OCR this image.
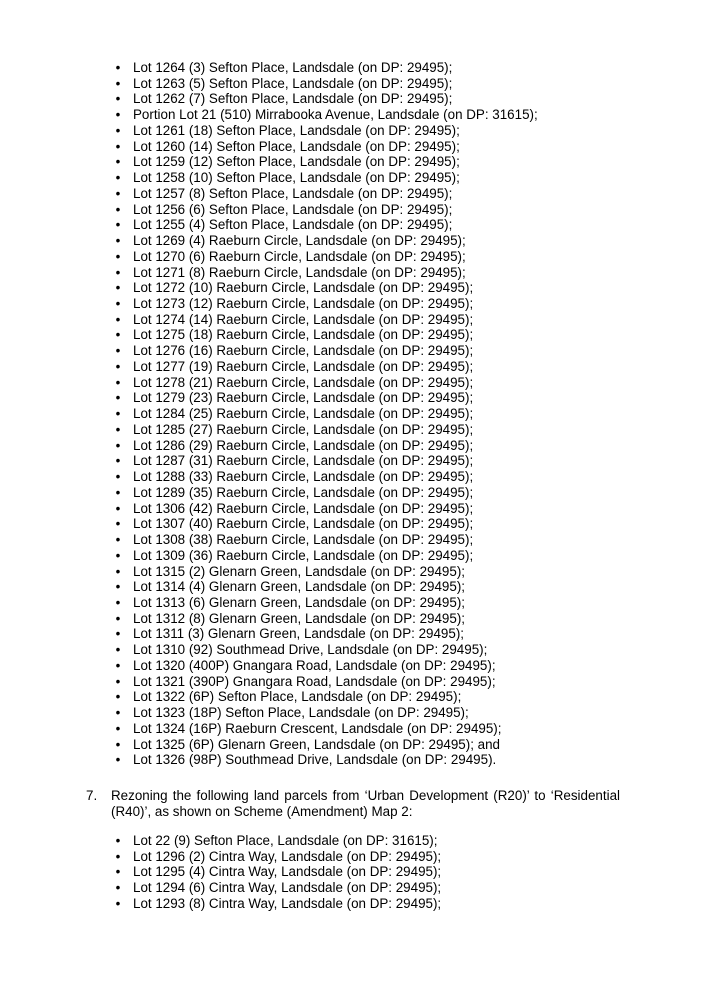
• Lot 1264 (3) Sefton Place, Landsdale (on DP: 29495);
• Lot 1263 (5) Sefton Place, Landsdale (on DP: 29495);
• Lot 1262 (7) Sefton Place, Landsdale (on DP: 29495);
• Portion Lot 21 (510) Mirrabooka Avenue, Landsdale (on DP: 31615);
• Lot 1261 (18) Sefton Place, Landsdale (on DP: 29495);
• Lot 1260 (14) Sefton Place, Landsdale (on DP: 29495);
• Lot 1259 (12) Sefton Place, Landsdale (on DP: 29495);
• Lot 1258 (10) Sefton Place, Landsdale (on DP: 29495);
• Lot 1257 (8) Sefton Place, Landsdale (on DP: 29495);
• Lot 1256 (6) Sefton Place, Landsdale (on DP: 29495);
• Lot 1255 (4) Sefton Place, Landsdale (on DP: 29495);
• Lot 1269 (4) Raeburn Circle, Landsdale (on DP: 29495);
• Lot 1270 (6) Raeburn Circle, Landsdale (on DP: 29495);
• Lot 1271 (8) Raeburn Circle, Landsdale (on DP: 29495);
• Lot 1272 (10) Raeburn Circle, Landsdale (on DP: 29495);
• Lot 1273 (12) Raeburn Circle, Landsdale (on DP: 29495);
• Lot 1274 (14) Raeburn Circle, Landsdale (on DP: 29495);
• Lot 1275 (18) Raeburn Circle, Landsdale (on DP: 29495);
• Lot 1276 (16) Raeburn Circle, Landsdale (on DP: 29495);
• Lot 1277 (19) Raeburn Circle, Landsdale (on DP: 29495);
• Lot 1278 (21) Raeburn Circle, Landsdale (on DP: 29495);
• Lot 1279 (23) Raeburn Circle, Landsdale (on DP: 29495);
• Lot 1284 (25) Raeburn Circle, Landsdale (on DP: 29495);
• Lot 1285 (27) Raeburn Circle, Landsdale (on DP: 29495);
• Lot 1286 (29) Raeburn Circle, Landsdale (on DP: 29495);
• Lot 1287 (31) Raeburn Circle, Landsdale (on DP: 29495);
• Lot 1288 (33) Raeburn Circle, Landsdale (on DP: 29495);
• Lot 1289 (35) Raeburn Circle, Landsdale (on DP: 29495);
• Lot 1306 (42) Raeburn Circle, Landsdale (on DP: 29495);
• Lot 1307 (40) Raeburn Circle, Landsdale (on DP: 29495);
• Lot 1308 (38) Raeburn Circle, Landsdale (on DP: 29495);
• Lot 1309 (36) Raeburn Circle, Landsdale (on DP: 29495);
• Lot 1315 (2) Glenarn Green, Landsdale (on DP: 29495);
• Lot 1314 (4) Glenarn Green, Landsdale (on DP: 29495);
• Lot 1313 (6) Glenarn Green, Landsdale (on DP: 29495);
• Lot 1312 (8) Glenarn Green, Landsdale (on DP: 29495);
• Lot 1311 (3) Glenarn Green, Landsdale (on DP: 29495);
• Lot 1310 (92) Southmead Drive, Landsdale (on DP: 29495);
• Lot 1320 (400P) Gnangara Road, Landsdale (on DP: 29495);
• Lot 1321 (390P) Gnangara Road, Landsdale (on DP: 29495);
• Lot 1322 (6P) Sefton Place, Landsdale (on DP: 29495);
• Lot 1323 (18P) Sefton Place, Landsdale (on DP: 29495);
• Lot 1324 (16P) Raeburn Crescent, Landsdale (on DP: 29495);
• Lot 1325 (6P) Glenarn Green, Landsdale (on DP: 29495); and
• Lot 1326 (98P) Southmead Drive, Landsdale (on DP: 29495).
7. Rezoning the following land parcels from ‘Urban Development (R20)’ to ‘Residential (R40)’, as shown on Scheme (Amendment) Map 2:
• Lot 22 (9) Sefton Place, Landsdale (on DP: 31615);
• Lot 1296 (2) Cintra Way, Landsdale (on DP: 29495);
• Lot 1295 (4) Cintra Way, Landsdale (on DP: 29495);
• Lot 1294 (6) Cintra Way, Landsdale (on DP: 29495);
• Lot 1293 (8) Cintra Way, Landsdale (on DP: 29495);
